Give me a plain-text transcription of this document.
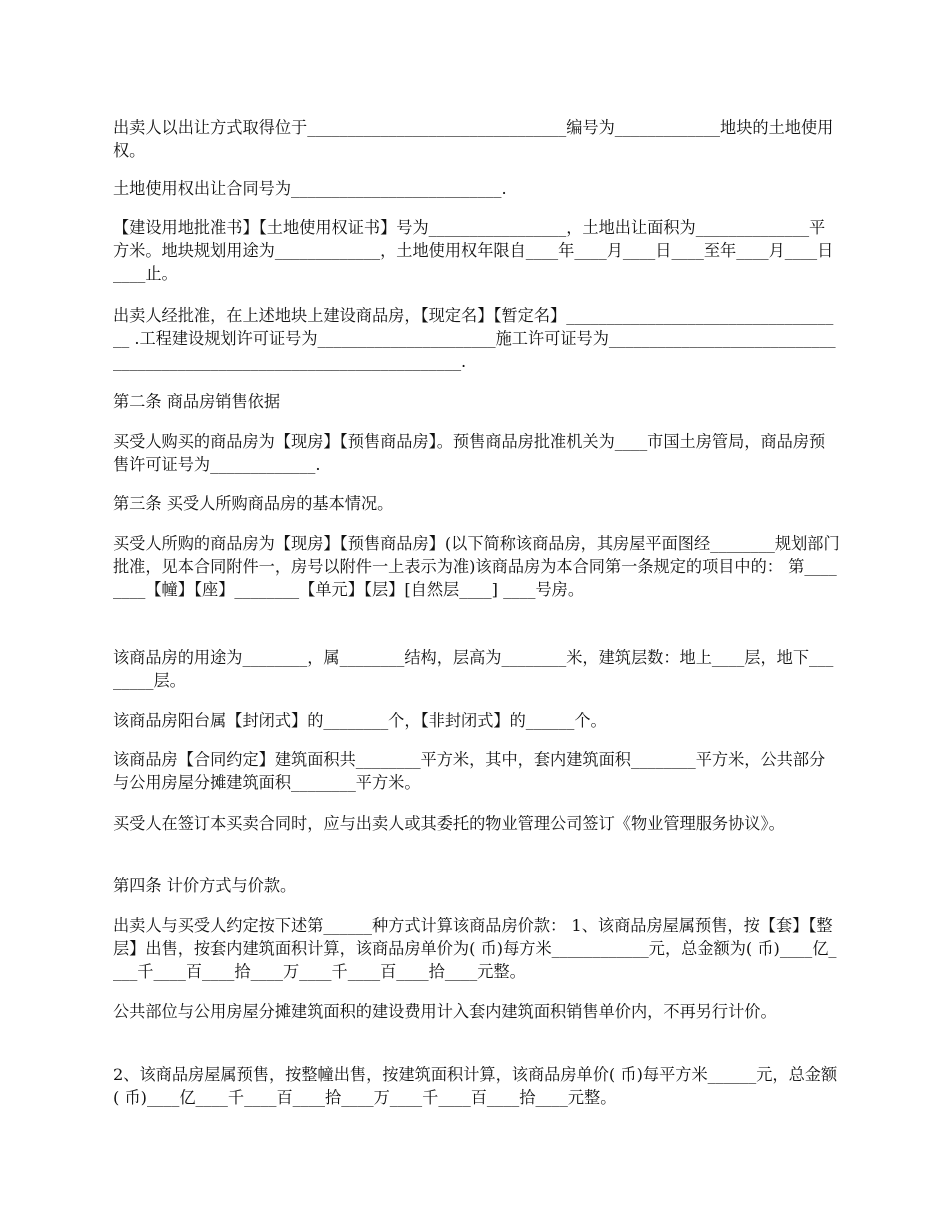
出卖人以出让方式取得位于________________________________编号为_____________地块的土地使用权。

土地使用权出让合同号为__________________________.

【建设用地批准书】【土地使用权证书】号为_________________，土地出让面积为______________平方米。地块规划用途为_____________，土地使用权年限自____年____月____日____至年____月____日____止。

出卖人经批准，在上述地块上建设商品房，【现定名】【暂定名】___________________________________ .工程建设规划许可证号为______________________施工许可证号为_______________________________________________________________________.

第二条 商品房销售依据

买受人购买的商品房为【现房】【预售商品房】。预售商品房批准机关为____市国土房管局，商品房预售许可证号为_____________.

第三条 买受人所购商品房的基本情况。

买受人所购的商品房为【现房】【预售商品房】(以下简称该商品房，其房屋平面图经________规划部门批准，见本合同附件一，房号以附件一上表示为准)该商品房为本合同第一条规定的项目中的： 第________【幢】【座】________【单元】【层】[自然层____] ____号房。

该商品房的用途为________，属________结构，层高为________米，建筑层数：地上____层，地下________层。

该商品房阳台属【封闭式】的________个，【非封闭式】的______个。

该商品房【合同约定】建筑面积共________平方米，其中，套内建筑面积________平方米，公共部分与公用房屋分摊建筑面积________平方米。

买受人在签订本买卖合同时，应与出卖人或其委托的物业管理公司签订《物业管理服务协议》。

第四条 计价方式与价款。

出卖人与买受人约定按下述第______种方式计算该商品房价款： 1、该商品房屋属预售，按【套】【整层】出售，按套内建筑面积计算，该商品房单价为( 币)每方米____________元，总金额为( 币)____亿____千____百____拾____万____千____百____拾____元整。

公共部位与公用房屋分摊建筑面积的建设费用计入套内建筑面积销售单价内，不再另行计价。

2、该商品房屋属预售，按整幢出售，按建筑面积计算，该商品房单价( 币)每平方米______元，总金额( 币)____亿____千____百____拾____万____千____百____拾____元整。
